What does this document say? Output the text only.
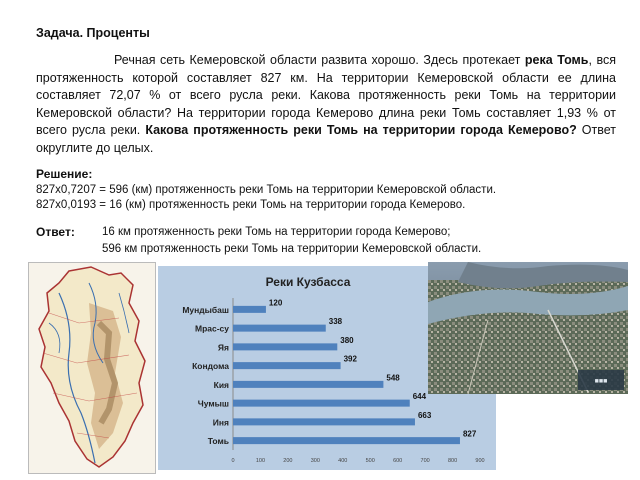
Задача. Проценты
Речная сеть Кемеровской области развита хорошо. Здесь протекает река Томь, вся протяженность которой составляет 827 км. На территории Кемеровской области ее длина составляет 72,07 % от всего русла реки. Какова протяженность реки Томь на территории Кемеровской области? На территории города Кемерово длина реки Томь составляет 1,93 % от всего русла реки. Какова протяженность реки Томь на территории города Кемерово? Ответ округлите до целых.
Решение:
827х0,7207 = 596 (км) протяженность реки Томь на территории Кемеровской области.
827х0,0193 = 16 (км) протяженность реки Томь на территории города Кемерово.
Ответ: 16 км протяженность реки Томь на территории города Кемерово;
596 км протяженность реки Томь на территории Кемеровской области.
Реки Кузбасса
Мундыбаш
120
Мрас-су
338
Яя
380
Кондома
392
Кия
548
Чумыш
644
Иня
663
Томь
827
0	100	200	300	400	500	600	700	800	900
■■■
